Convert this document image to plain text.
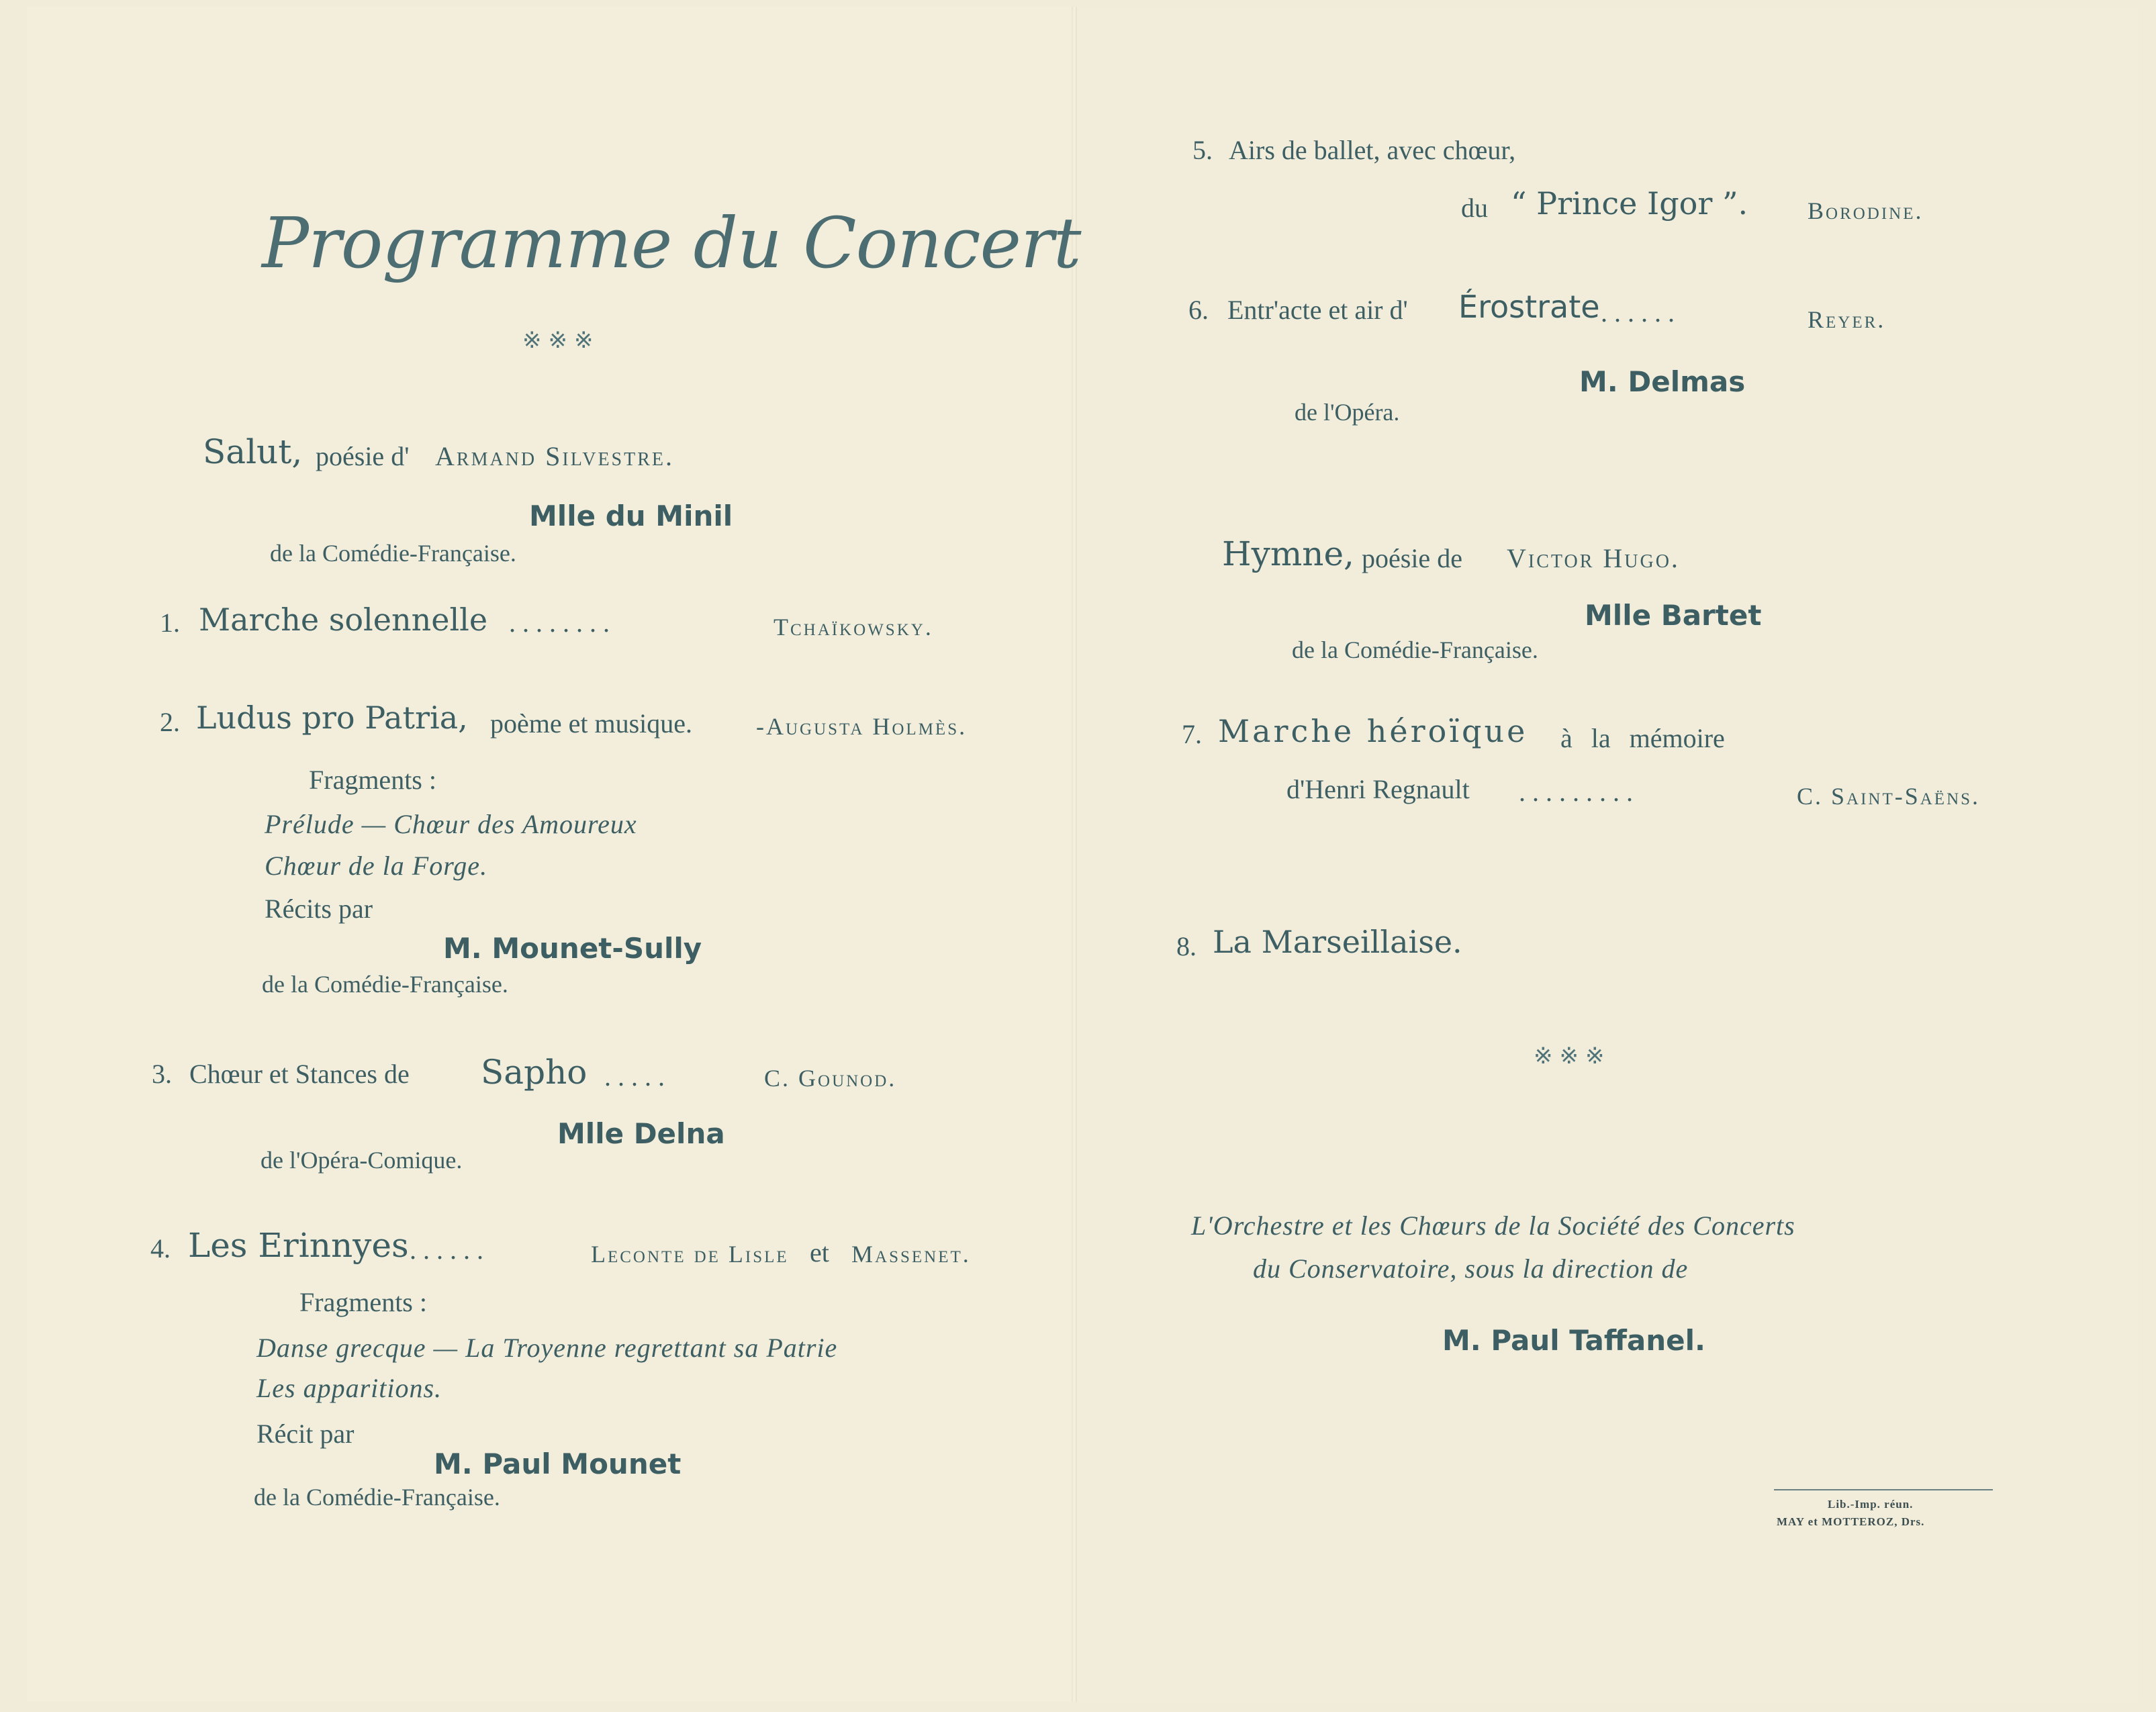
Programme du Concert
※※※
Salut, poésie d' Armand Silvestre.
Mlle du Minil
de la Comédie-Française.
1. Marche solennelle . . . . . . . .	Tchaïkowsky.
2. Ludus pro Patria, poème et musique.	-Augusta Holmès.
Fragments :
Prélude — Chœur des Amoureux
Chœur de la Forge.
Récits par
M. Mounet-Sully
de la Comédie-Française.
3. Chœur et Stances de Sapho . . . . .	C. Gounod.
Mlle Delna
de l'Opéra-Comique.
4. Les Erinnyes . . . . . .	Leconte de Lisle et Massenet.
Fragments :
Danse grecque — La Troyenne regrettant sa Patrie
Les apparitions.
Récit par
M. Paul Mounet
de la Comédie-Française.
5. Airs de ballet, avec chœur,
du “ Prince Igor ”. Borodine.
6. Entr'acte et air d' Érostrate . . . . . .	Reyer.
M. Delmas
de l'Opéra.
Hymne, poésie de Victor Hugo.
Mlle Bartet
de la Comédie-Française.
7. Marche héroïque à la mémoire
d'Henri Regnault . . . . . . . . .	C. Saint-Saëns.
8. La Marseillaise.
※※※
L'Orchestre et les Chœurs de la Société des Concerts
du Conservatoire, sous la direction de
M. Paul Taffanel.
Lib.-Imp. réun.
MAY et MOTTEROZ, Drs.
